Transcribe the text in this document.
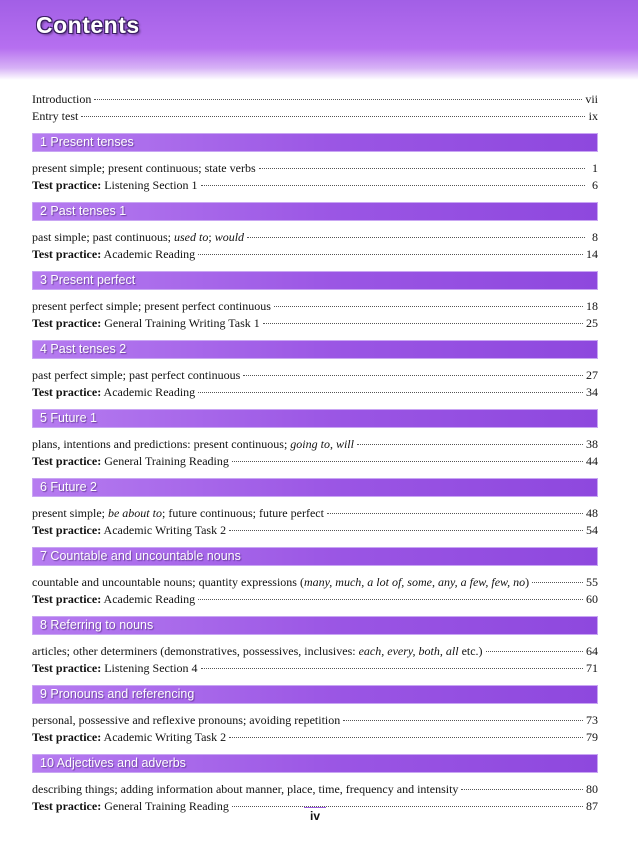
Contents
Introduction	vii
Entry test	ix
1 Present tenses
present simple; present continuous; state verbs	1
Test practice: Listening Section 1	6
2 Past tenses 1
past simple; past continuous; used to; would	8
Test practice: Academic Reading	14
3 Present perfect
present perfect simple; present perfect continuous	18
Test practice: General Training Writing Task 1	25
4 Past tenses 2
past perfect simple; past perfect continuous	27
Test practice: Academic Reading	34
5 Future 1
plans, intentions and predictions: present continuous; going to, will	38
Test practice: General Training Reading	44
6 Future 2
present simple; be about to; future continuous; future perfect	48
Test practice: Academic Writing Task 2	54
7 Countable and uncountable nouns
countable and uncountable nouns; quantity expressions (many, much, a lot of, some, any, a few, few, no)	55
Test practice: Academic Reading	60
8 Referring to nouns
articles; other determiners (demonstratives, possessives, inclusives: each, every, both, all etc.)	64
Test practice: Listening Section 4	71
9 Pronouns and referencing
personal, possessive and reflexive pronouns; avoiding repetition	73
Test practice: Academic Writing Task 2	79
10 Adjectives and adverbs
describing things; adding information about manner, place, time, frequency and intensity	80
Test practice: General Training Reading	87
iv
